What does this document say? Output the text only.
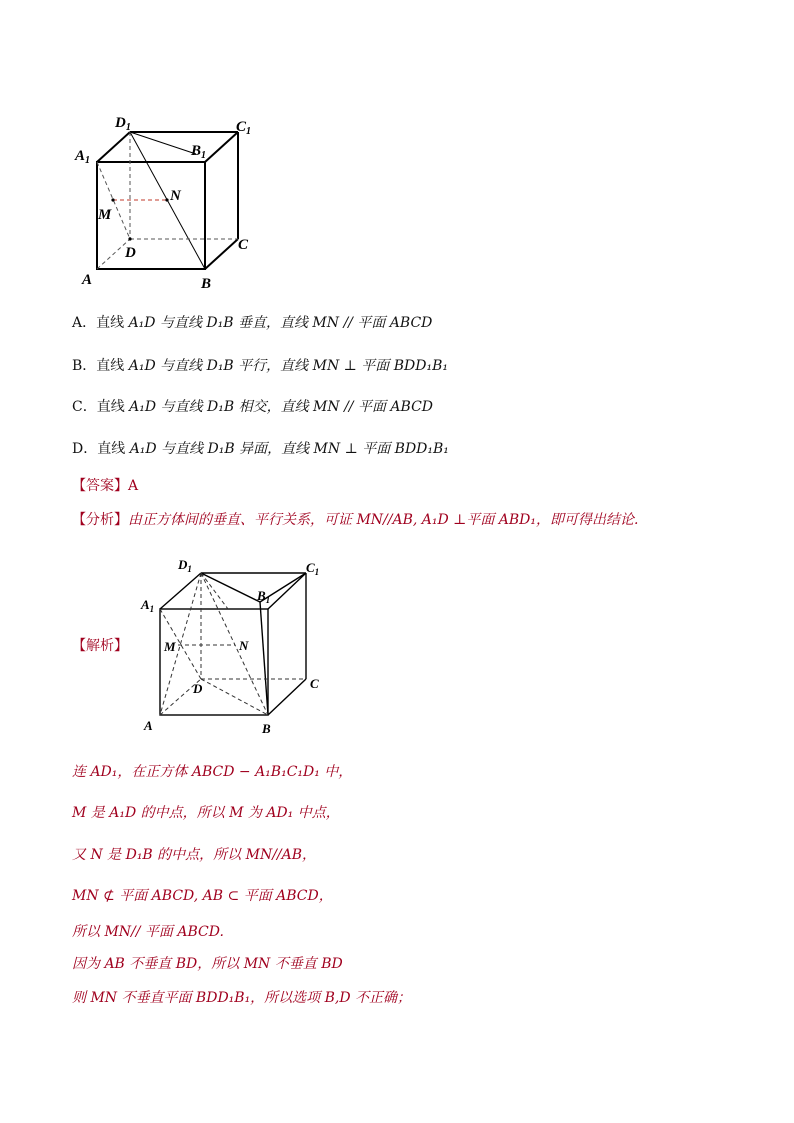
$D_1$	$C_1$
$A_1$
$B_1$
N
M
D	C
A	B
A．直线 A₁D 与直线 D₁B 垂直，直线 MN // 平面 ABCD
B．直线 A₁D 与直线 D₁B 平行，直线 MN ⊥ 平面 BDD₁B₁
C．直线 A₁D 与直线 D₁B 相交，直线 MN // 平面 ABCD
D．直线 A₁D 与直线 D₁B 异面，直线 MN ⊥ 平面 BDD₁B₁
【答案】A
【分析】由正方体间的垂直、平行关系，可证 MN//AB, A₁D ⊥平面 ABD₁，即可得出结论.
【解析】
$D_1$	$C_1$
$A_1$
$B_1$
N
M
D	C
A	B
连 AD₁，在正方体 ABCD − A₁B₁C₁D₁ 中，
M 是 A₁D 的中点，所以 M 为 AD₁ 中点，
又 N 是 D₁B 的中点，所以 MN//AB，
MN ⊄ 平面 ABCD, AB ⊂ 平面 ABCD，
所以 MN// 平面 ABCD.
因为 AB 不垂直 BD，所以 MN 不垂直 BD
则 MN 不垂直平面 BDD₁B₁，所以选项 B,D 不正确；
